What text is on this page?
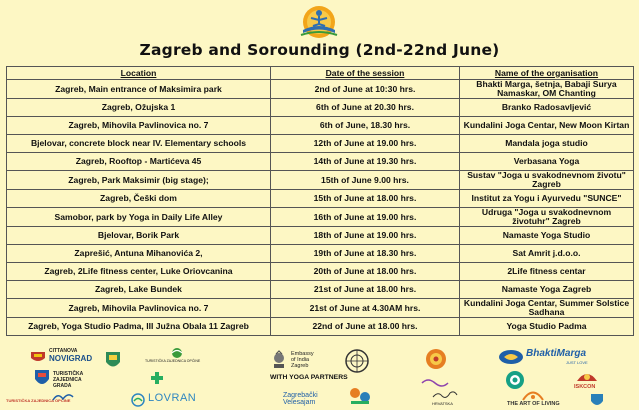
Zagreb and Sorounding (2nd-22nd June)
Location	Date of the session	Name of the organisation
Zagreb, Main entrance of Maksimira park	2nd of June at 10:30 hrs.	Bhakti Marga, šetnja, Babaji Surya Namaskar, OM Chanting
Zagreb, Ožujska 1	6th of June at 20.30 hrs.	Branko Radosavljević
Zagreb, Mihovila Pavlinovica no. 7	6th of June, 18.30 hrs.	Kundalini Joga Centar, New Moon Kirtan
Bjelovar, concrete block near IV. Elementary schools	12th of June at 19.00 hrs.	Mandala joga studio
Zagreb, Rooftop - Martićeva 45	14th of June at 19.30 hrs.	Verbasana Yoga
Zagreb, Park Maksimir (big stage);	15th of June 9.00 hrs.	Sustav "Joga u svakodnevnom životu" Zagreb
Zagreb, Češki dom	15th of June at 18.00 hrs.	Institut za Yogu i Ayurvedu "SUNCE"
Samobor, park by Yoga in Daily Life Alley	16th of June at 19.00 hrs.	Udruga "Joga u svakodnevnom životuhr" Zagreb
Bjelovar, Borik Park	18th of June at 19.00 hrs.	Namaste Yoga Studio
Zaprešić, Antuna Mihanovića 2,	19th of June at 18.30 hrs.	Sat Amrit j.d.o.o.
Zagreb, 2Life fitness center, Luke Oriovcanina	20th of June at 18.00 hrs.	2Life fitness centar
Zagreb, Lake Bundek	21st of June at 18.00 hrs.	Namaste Yoga Zagreb
Zagreb, Mihovila Pavlinovica no. 7	21st of June at 4.30AM hrs.	Kundalini Joga Centar, Summer Solstice Sadhana
Zagreb, Yoga Studio Padma, III Južna Obala 11 Zagreb	22nd of June at 18.00 hrs.	Yoga Studio Padma
CITTANOVA
NOVIGRAD	TURISTIČKA ZAJEDNICA OPĆINE
TURISTIČKA ZAJEDNICA GRADA
LOVRAN
TURISTIČKA ZAJEDNICA OPĆINE
Embassy
of India
Zagreb
WITH YOGA PARTNERS
Zagrebački
Velesajam	HRVATSKA
BhaktiMarga
JUST LOVE
ISKCON
THE ART OF LIVING
